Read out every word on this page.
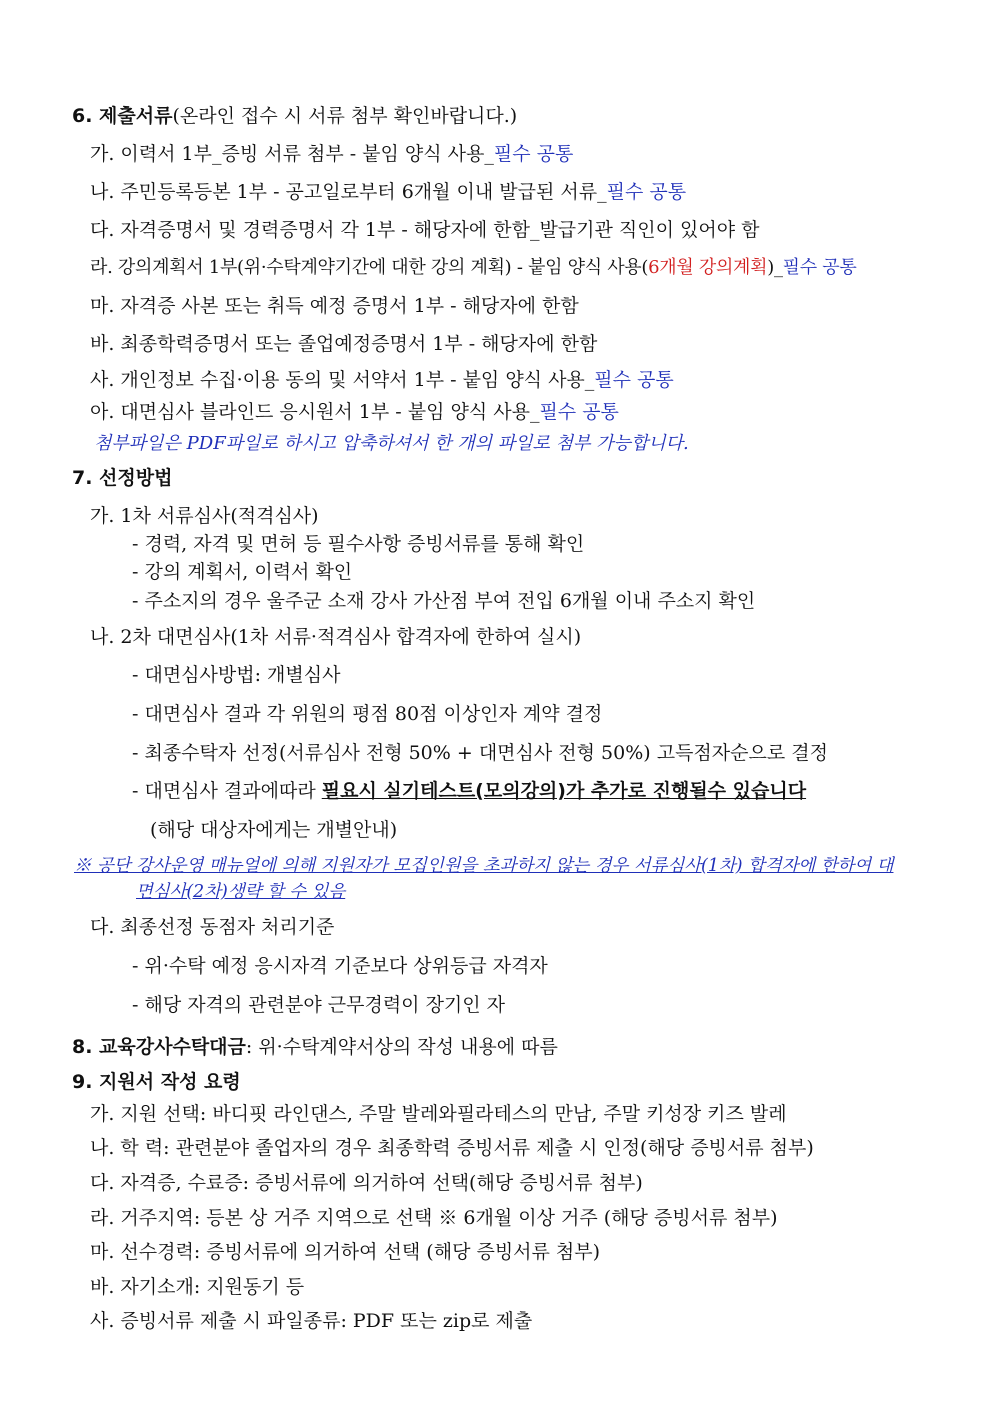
6. 제출서류(온라인 접수 시 서류 첨부 확인바랍니다.)
가. 이력서 1부_증빙 서류 첨부 - 붙임 양식 사용_필수 공통
나. 주민등록등본 1부 - 공고일로부터 6개월 이내 발급된 서류_필수 공통
다. 자격증명서 및 경력증명서 각 1부 - 해당자에 한함_발급기관 직인이 있어야 함
라. 강의계획서 1부(위·수탁계약기간에 대한 강의 계획) - 붙임 양식 사용(6개월 강의계획)_필수 공통
마. 자격증 사본 또는 취득 예정 증명서 1부 - 해당자에 한함
바. 최종학력증명서 또는 졸업예정증명서 1부 - 해당자에 한함
사. 개인정보 수집·이용 동의 및 서약서 1부 - 붙임 양식 사용_필수 공통
아. 대면심사 블라인드 응시원서 1부 - 붙임 양식 사용_필수 공통
첨부파일은 PDF파일로 하시고 압축하셔서 한 개의 파일로 첨부 가능합니다.
7. 선정방법
가. 1차 서류심사(적격심사)
- 경력, 자격 및 면허 등 필수사항 증빙서류를 통해 확인
- 강의 계획서, 이력서 확인
- 주소지의 경우 울주군 소재 강사 가산점 부여 전입 6개월 이내 주소지 확인
나. 2차 대면심사(1차 서류·적격심사 합격자에 한하여 실시)
- 대면심사방법: 개별심사
- 대면심사 결과 각 위원의 평점 80점 이상인자 계약 결정
- 최종수탁자 선정(서류심사 전형 50% + 대면심사 전형 50%) 고득점자순으로 결정
- 대면심사 결과에따라 필요시 실기테스트(모의강의)가 추가로 진행될수 있습니다
(해당 대상자에게는 개별안내)
※ 공단 강사운영 매뉴얼에 의해 지원자가 모집인원을 초과하지 않는 경우 서류심사(1차) 합격자에 한하여 대
면심사(2차)생략 할 수 있음
다. 최종선정 동점자 처리기준
- 위·수탁 예정 응시자격 기준보다 상위등급 자격자
- 해당 자격의 관련분야 근무경력이 장기인 자
8. 교육강사수탁대금: 위·수탁계약서상의 작성 내용에 따름
9. 지원서 작성 요령
가. 지원 선택: 바디핏 라인댄스, 주말 발레와필라테스의 만남, 주말 키성장 키즈 발레
나. 학 력: 관련분야 졸업자의 경우 최종학력 증빙서류 제출 시 인정(해당 증빙서류 첨부)
다. 자격증, 수료증: 증빙서류에 의거하여 선택(해당 증빙서류 첨부)
라. 거주지역: 등본 상 거주 지역으로 선택 ※ 6개월 이상 거주 (해당 증빙서류 첨부)
마. 선수경력: 증빙서류에 의거하여 선택 (해당 증빙서류 첨부)
바. 자기소개: 지원동기 등
사. 증빙서류 제출 시 파일종류: PDF 또는 zip로 제출
